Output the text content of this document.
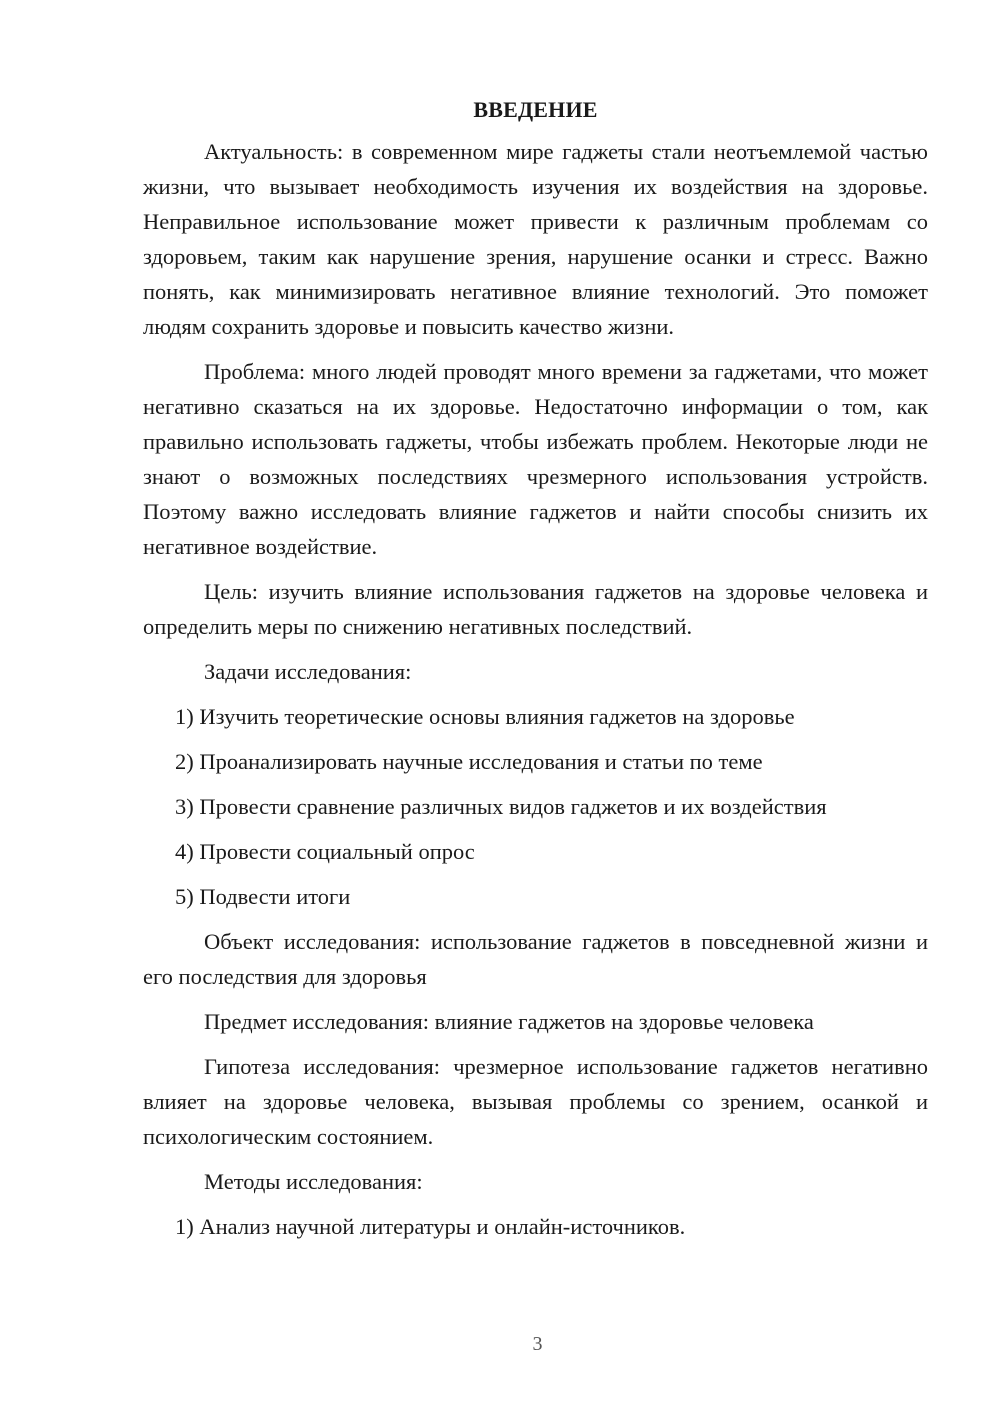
ВВЕДЕНИЕ

Актуальность: в современном мире гаджеты стали неотъемлемой частью жизни, что вызывает необходимость изучения их воздействия на здоровье. Неправильное использование может привести к различным проблемам со здоровьем, таким как нарушение зрения, нарушение осанки и стресс. Важно понять, как минимизировать негативное влияние технологий. Это поможет людям сохранить здоровье и повысить качество жизни.

Проблема: много людей проводят много времени за гаджетами, что может негативно сказаться на их здоровье. Недостаточно информации о том, как правильно использовать гаджеты, чтобы избежать проблем. Некоторые люди не знают о возможных последствиях чрезмерного использования устройств. Поэтому важно исследовать влияние гаджетов и найти способы снизить их негативное воздействие.

Цель: изучить влияние использования гаджетов на здоровье человека и определить меры по снижению негативных последствий.

Задачи исследования:

1) Изучить теоретические основы влияния гаджетов на здоровье

2) Проанализировать научные исследования и статьи по теме

3) Провести сравнение различных видов гаджетов и их воздействия

4) Провести социальный опрос

5) Подвести итоги

Объект исследования: использование гаджетов в повседневной жизни и его последствия для здоровья

Предмет исследования: влияние гаджетов на здоровье человека

Гипотеза исследования: чрезмерное использование гаджетов негативно влияет на здоровье человека, вызывая проблемы со зрением, осанкой и психологическим состоянием.

Методы исследования:

1) Анализ научной литературы и онлайн-источников.

3
